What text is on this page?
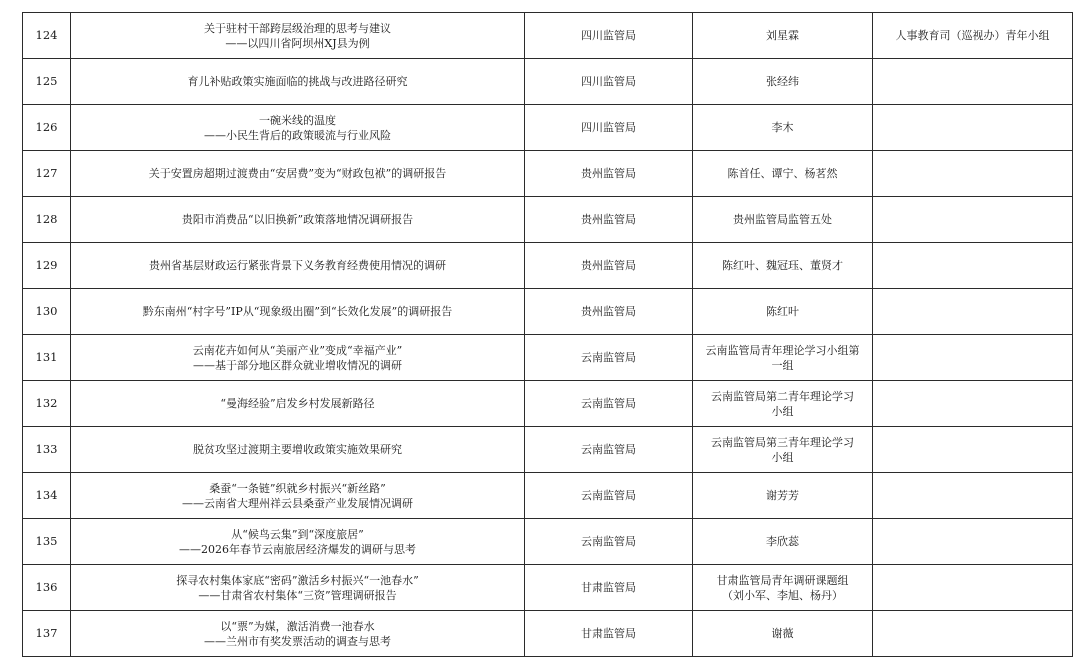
124	关于驻村干部跨层级治理的思考与建议
——以四川省阿坝州XJ县为例	四川监管局	刘星霖	人事教育司（巡视办）青年小组
125	育儿补贴政策实施面临的挑战与改进路径研究	四川监管局	张经纬	

126	一碗米线的温度
——小民生背后的政策暖流与行业风险	四川监管局	李木	

127	关于安置房超期过渡费由“安居费”变为“财政包袱”的调研报告	贵州监管局	陈首任、谭宁、杨茗然	

128	贵阳市消费品“以旧换新”政策落地情况调研报告	贵州监管局	贵州监管局监管五处	

129	贵州省基层财政运行紧张背景下义务教育经费使用情况的调研	贵州监管局	陈红叶、魏冠珏、董贤才	

130	黔东南州“村字号”IP从“现象级出圈”到“长效化发展”的调研报告	贵州监管局	陈红叶	

131	云南花卉如何从“美丽产业”变成“幸福产业”
——基于部分地区群众就业增收情况的调研	云南监管局	云南监管局青年理论学习小组第
一组	

132	“曼海经验”启发乡村发展新路径	云南监管局	云南监管局第二青年理论学习
小组	

133	脱贫攻坚过渡期主要增收政策实施效果研究	云南监管局	云南监管局第三青年理论学习
小组	

134	桑蚕“一条链”织就乡村振兴“新丝路”
——云南省大理州祥云县桑蚕产业发展情况调研	云南监管局	谢芳芳	

135	从“候鸟云集”到“深度旅居”
——2026年春节云南旅居经济爆发的调研与思考	云南监管局	李欣蕊	

136	探寻农村集体家底“密码”激活乡村振兴“一池春水”
——甘肃省农村集体“三资”管理调研报告	甘肃监管局	甘肃监管局青年调研课题组
（刘小军、李旭、杨丹）	

137	以“票”为媒，激活消费一池春水
——兰州市有奖发票活动的调查与思考	甘肃监管局	谢薇	
